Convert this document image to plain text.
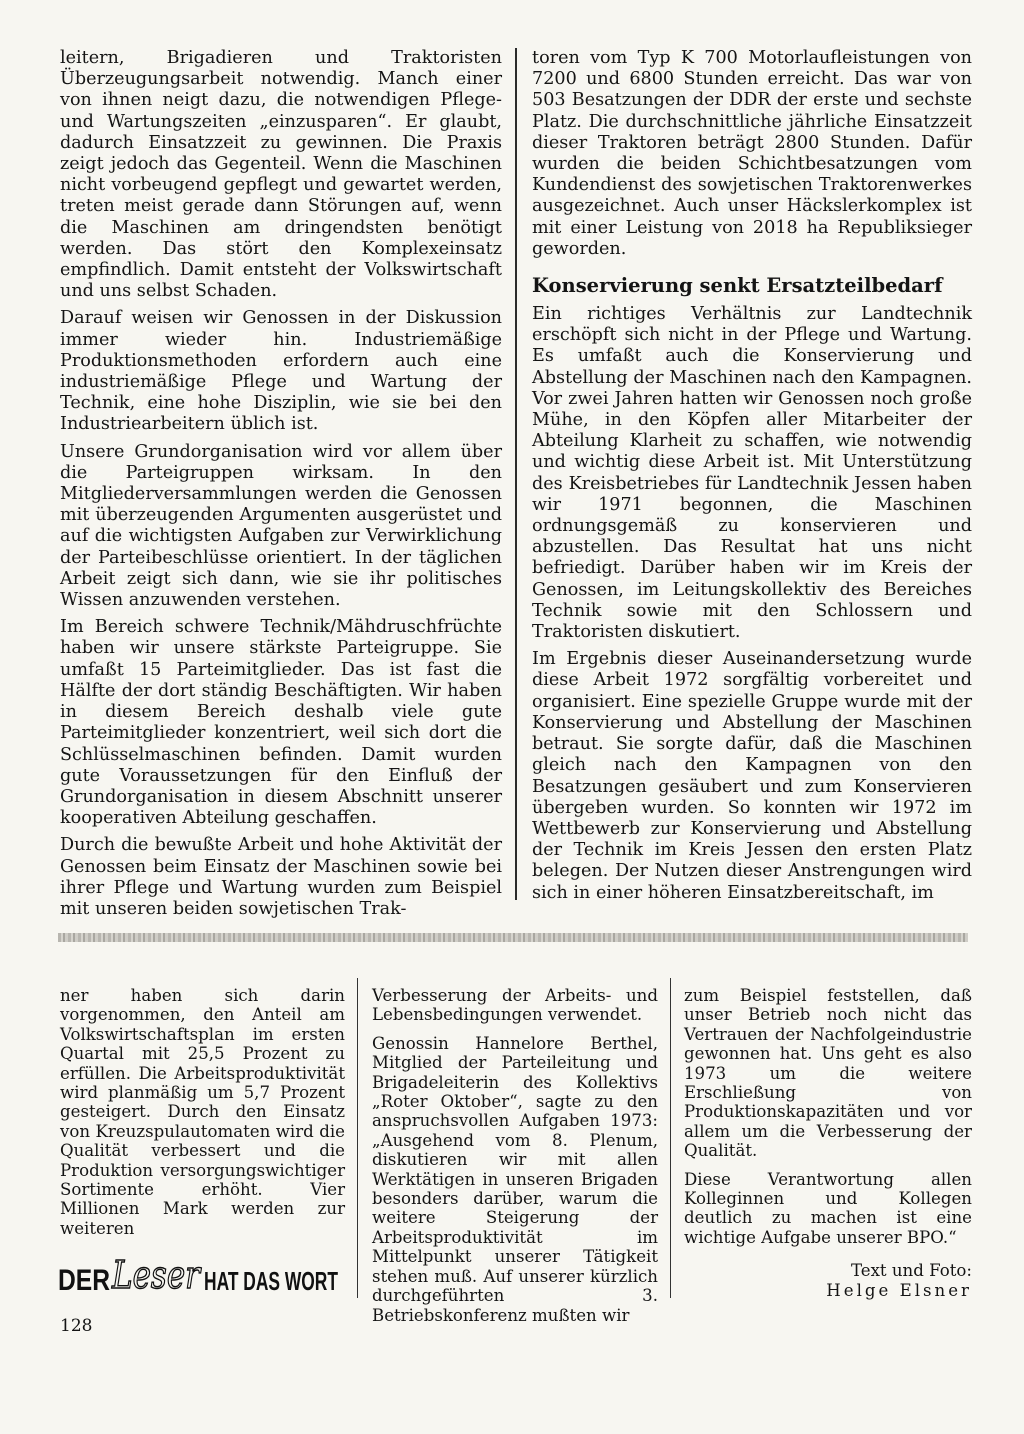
leitern, Brigadieren und Traktoristen Überzeugungsarbeit notwendig. Manch einer von ihnen neigt dazu, die notwendigen Pflege- und Wartungszeiten „einzusparen“. Er glaubt, dadurch Einsatzzeit zu gewinnen. Die Praxis zeigt jedoch das Gegenteil. Wenn die Maschinen nicht vorbeugend gepflegt und gewartet werden, treten meist gerade dann Störungen auf, wenn die Maschinen am dringendsten benötigt werden. Das stört den Komplexeinsatz empfindlich. Damit entsteht der Volkswirtschaft und uns selbst Schaden.

Darauf weisen wir Genossen in der Diskussion immer wieder hin. Industriemäßige Produktionsmethoden erfordern auch eine industriemäßige Pflege und Wartung der Technik, eine hohe Disziplin, wie sie bei den Industriearbeitern üblich ist.

Unsere Grundorganisation wird vor allem über die Parteigruppen wirksam. In den Mitgliederversammlungen werden die Genossen mit überzeugenden Argumenten ausgerüstet und auf die wichtigsten Aufgaben zur Verwirklichung der Parteibeschlüsse orientiert. In der täglichen Arbeit zeigt sich dann, wie sie ihr politisches Wissen anzuwenden verstehen.

Im Bereich schwere Technik/Mähdruschfrüchte haben wir unsere stärkste Parteigruppe. Sie umfaßt 15 Parteimitglieder. Das ist fast die Hälfte der dort ständig Beschäftigten. Wir haben in diesem Bereich deshalb viele gute Parteimitglieder konzentriert, weil sich dort die Schlüsselmaschinen befinden. Damit wurden gute Voraussetzungen für den Einfluß der Grundorganisation in diesem Abschnitt unserer kooperativen Abteilung geschaffen.

Durch die bewußte Arbeit und hohe Aktivität der Genossen beim Einsatz der Maschinen sowie bei ihrer Pflege und Wartung wurden zum Beispiel mit unseren beiden sowjetischen Trak-

toren vom Typ K 700 Motorlaufleistungen von 7200 und 6800 Stunden erreicht. Das war von 503 Besatzungen der DDR der erste und sechste Platz. Die durchschnittliche jährliche Einsatzzeit dieser Traktoren beträgt 2800 Stunden. Dafür wurden die beiden Schichtbesatzungen vom Kundendienst des sowjetischen Traktorenwerkes ausgezeichnet. Auch unser Häckslerkomplex ist mit einer Leistung von 2018 ha Republiksieger geworden.

Konservierung senkt Ersatzteilbedarf

Ein richtiges Verhältnis zur Landtechnik erschöpft sich nicht in der Pflege und Wartung. Es umfaßt auch die Konservierung und Abstellung der Maschinen nach den Kampagnen. Vor zwei Jahren hatten wir Genossen noch große Mühe, in den Köpfen aller Mitarbeiter der Abteilung Klarheit zu schaffen, wie notwendig und wichtig diese Arbeit ist. Mit Unterstützung des Kreisbetriebes für Landtechnik Jessen haben wir 1971 begonnen, die Maschinen ordnungsgemäß zu konservieren und abzustellen. Das Resultat hat uns nicht befriedigt. Darüber haben wir im Kreis der Genossen, im Leitungskollektiv des Bereiches Technik sowie mit den Schlossern und Traktoristen diskutiert.

Im Ergebnis dieser Auseinandersetzung wurde diese Arbeit 1972 sorgfältig vorbereitet und organisiert. Eine spezielle Gruppe wurde mit der Konservierung und Abstellung der Maschinen betraut. Sie sorgte dafür, daß die Maschinen gleich nach den Kampagnen von den Besatzungen gesäubert und zum Konservieren übergeben wurden. So konnten wir 1972 im Wettbewerb zur Konservierung und Abstellung der Technik im Kreis Jessen den ersten Platz belegen. Der Nutzen dieser Anstrengungen wird sich in einer höheren Einsatzbereitschaft, im

ner haben sich darin vorgenommen, den Anteil am Volkswirtschaftsplan im ersten Quartal mit 25,5 Prozent zu erfüllen. Die Arbeitsproduktivität wird planmäßig um 5,7 Prozent gesteigert. Durch den Einsatz von Kreuzspulautomaten wird die Qualität verbessert und die Produktion versorgungswichtiger Sortimente erhöht. Vier Millionen Mark werden zur weiteren

Verbesserung der Arbeits- und Lebensbedingungen verwendet.

Genossin Hannelore Berthel, Mitglied der Parteileitung und Brigadeleiterin des Kollektivs „Roter Oktober“, sagte zu den anspruchsvollen Aufgaben 1973: „Ausgehend vom 8. Plenum, diskutieren wir mit allen Werktätigen in unseren Brigaden besonders darüber, warum die weitere Steigerung der Arbeitsproduktivität im Mittelpunkt unserer Tätigkeit stehen muß. Auf unserer kürzlich durchgeführten 3. Betriebskonferenz mußten wir

zum Beispiel feststellen, daß unser Betrieb noch nicht das Vertrauen der Nachfolgeindustrie gewonnen hat. Uns geht es also 1973 um die weitere Erschließung von Produktionskapazitäten und vor allem um die Verbesserung der Qualität.

Diese Verantwortung allen Kolleginnen und Kollegen deutlich zu machen ist eine wichtige Aufgabe unserer BPO.“

Text und Foto:
Helge Elsner
DER Leser HAT DAS WORT
128
